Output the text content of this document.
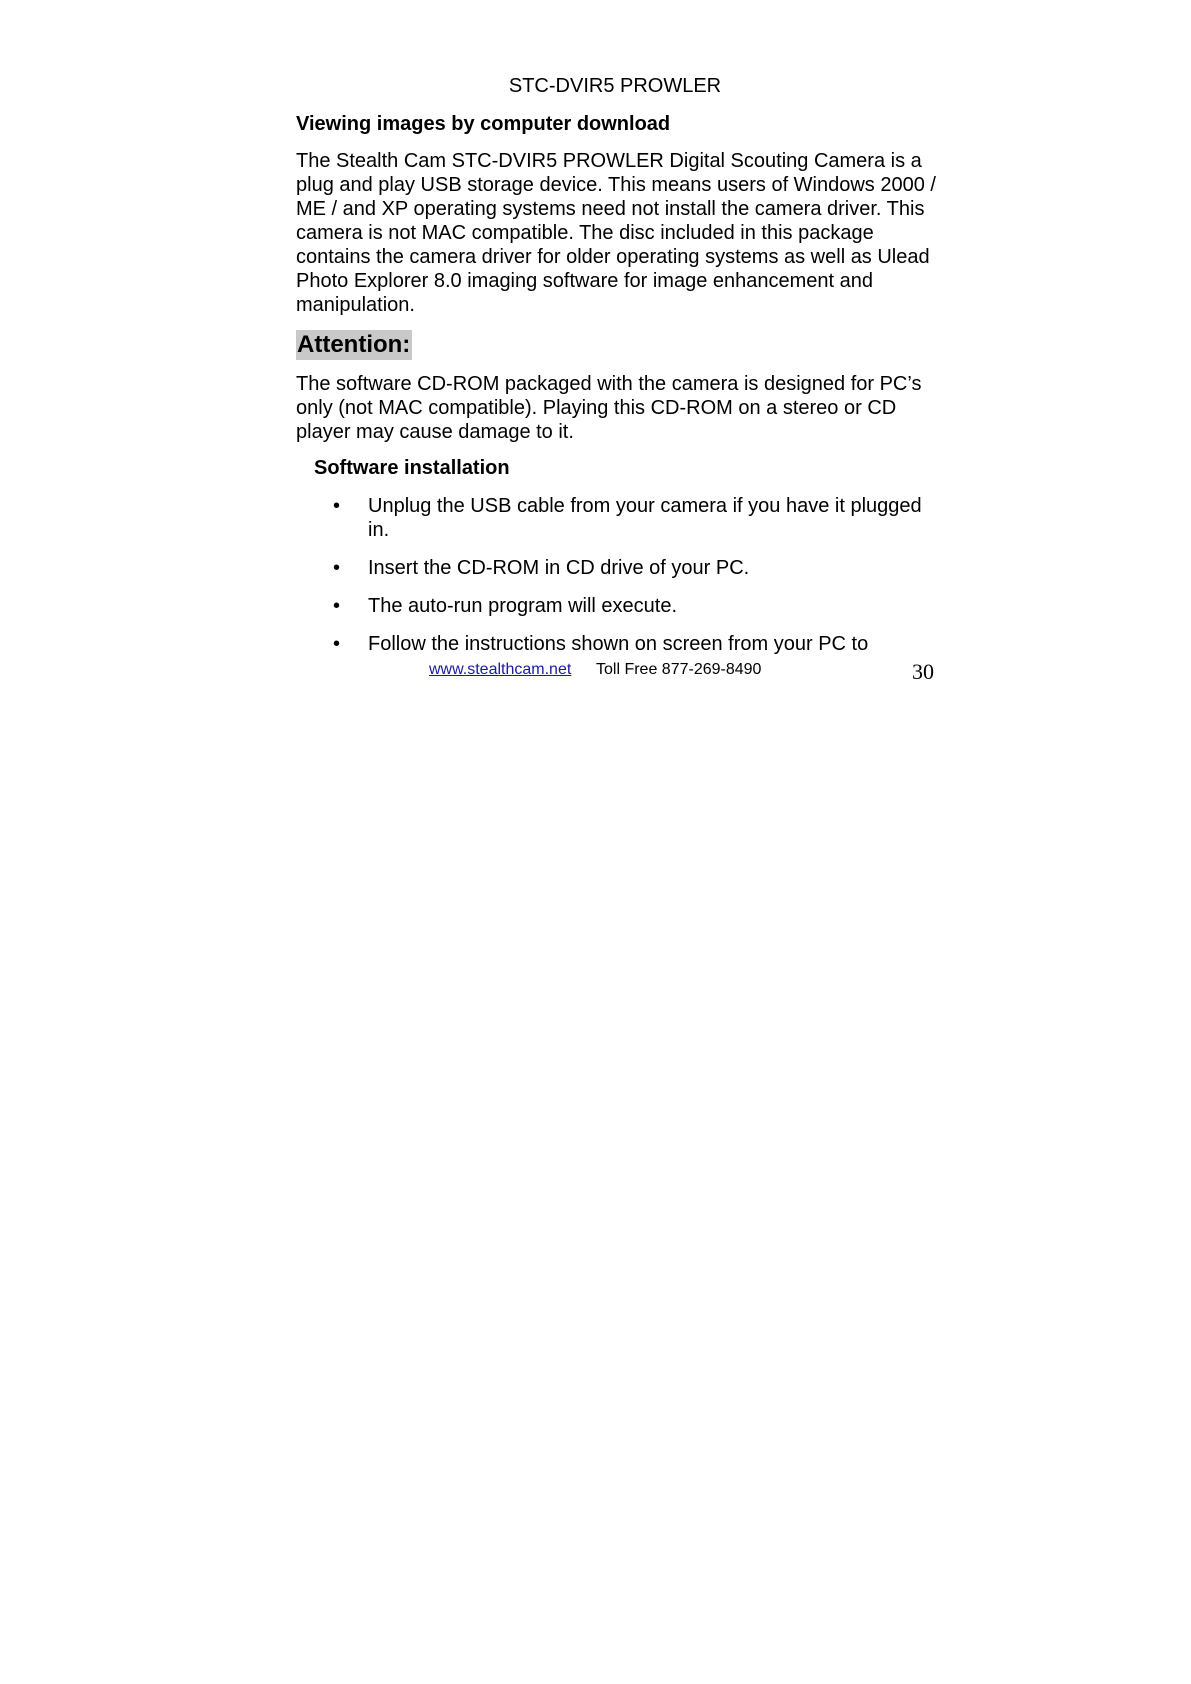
STC-DVIR5 PROWLER
Viewing images by computer download

The Stealth Cam STC-DVIR5 PROWLER Digital Scouting Camera is a plug and play USB storage device. This means users of Windows 2000 / ME / and XP operating systems need not install the camera driver. This camera is not MAC compatible. The disc included in this package contains the camera driver for older operating systems as well as Ulead Photo Explorer 8.0 imaging software for image enhancement and manipulation.

Attention:

The software CD-ROM packaged with the camera is designed for PC’s only (not MAC compatible). Playing this CD-ROM on a stereo or CD player may cause damage to it.

Software installation
• Unplug the USB cable from your camera if you have it plugged in.
• Insert the CD-ROM in CD drive of your PC.
• The auto-run program will execute.
• Follow the instructions shown on screen from your PC to
www.stealthcam.net Toll Free 877-269-8490	30
